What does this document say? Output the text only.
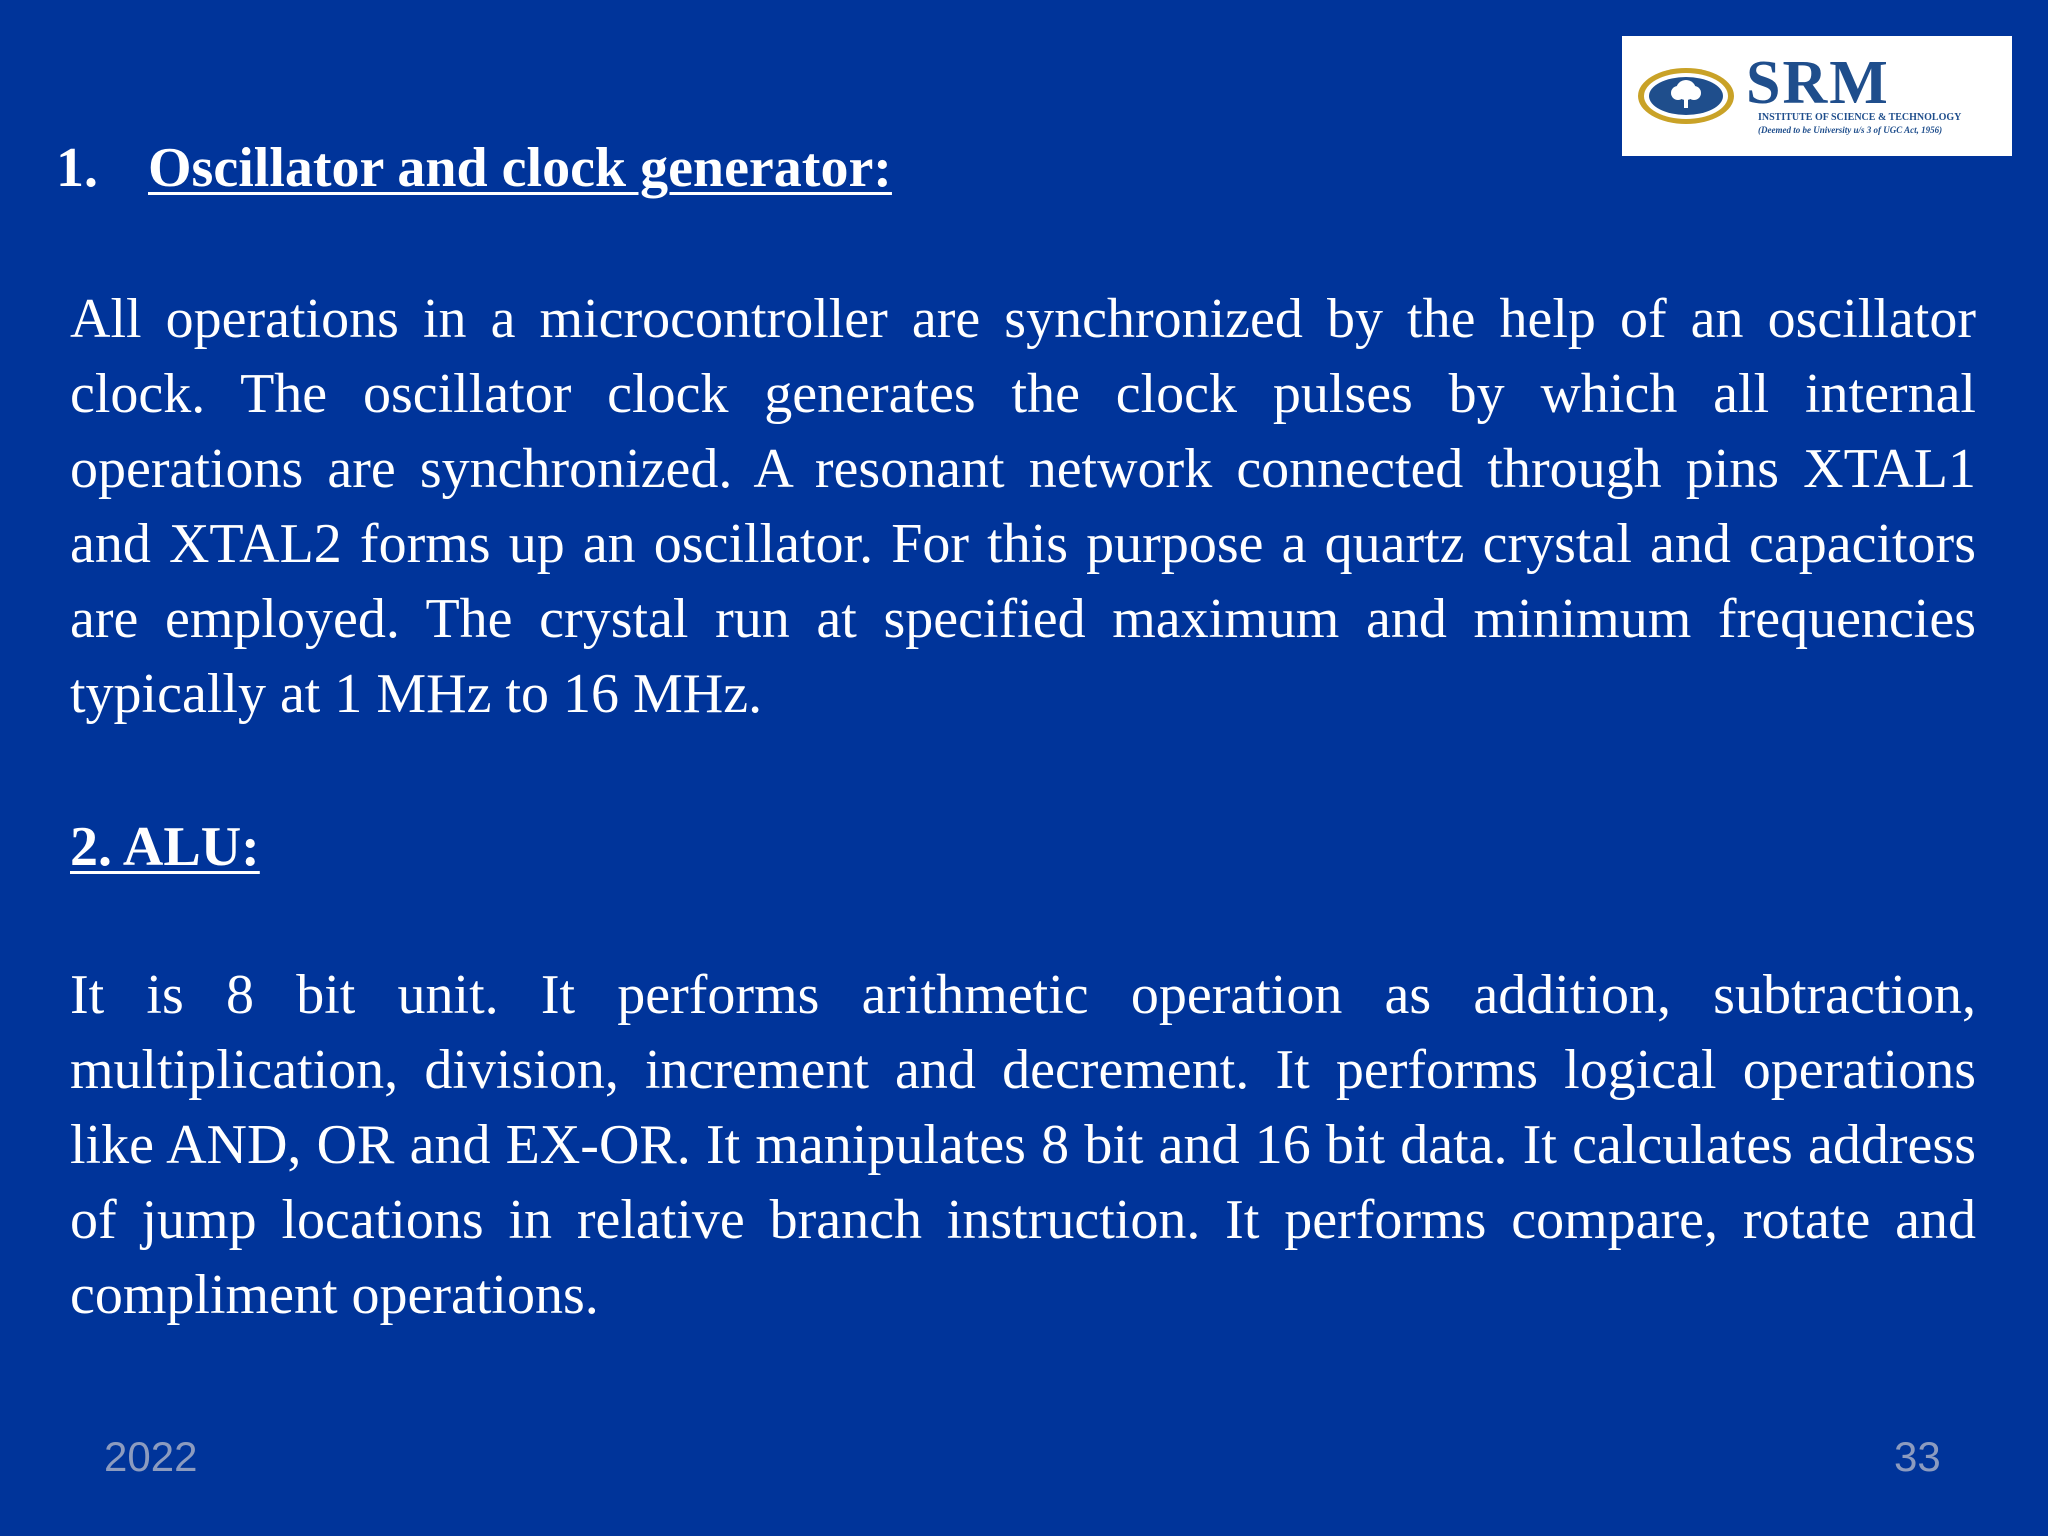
SRM
INSTITUTE OF SCIENCE & TECHNOLOGY
(Deemed to be University u/s 3 of UGC Act, 1956)
1. Oscillator and clock generator:

All operations in a microcontroller are synchronized by the help of an oscillator clock. The oscillator clock generates the clock pulses by which all internal operations are synchronized. A resonant network connected through pins XTAL1 and XTAL2 forms up an oscillator. For this purpose a quartz crystal and capacitors are employed. The crystal run at specified maximum and minimum frequencies typically at 1 MHz to 16 MHz.

2. ALU:

It is 8 bit unit. It performs arithmetic operation as addition, subtraction, multiplication, division, increment and decrement. It performs logical operations like AND, OR and EX-OR. It manipulates 8 bit and 16 bit data. It calculates address of jump locations in relative branch instruction. It performs compare, rotate and compliment operations.

2022	33
